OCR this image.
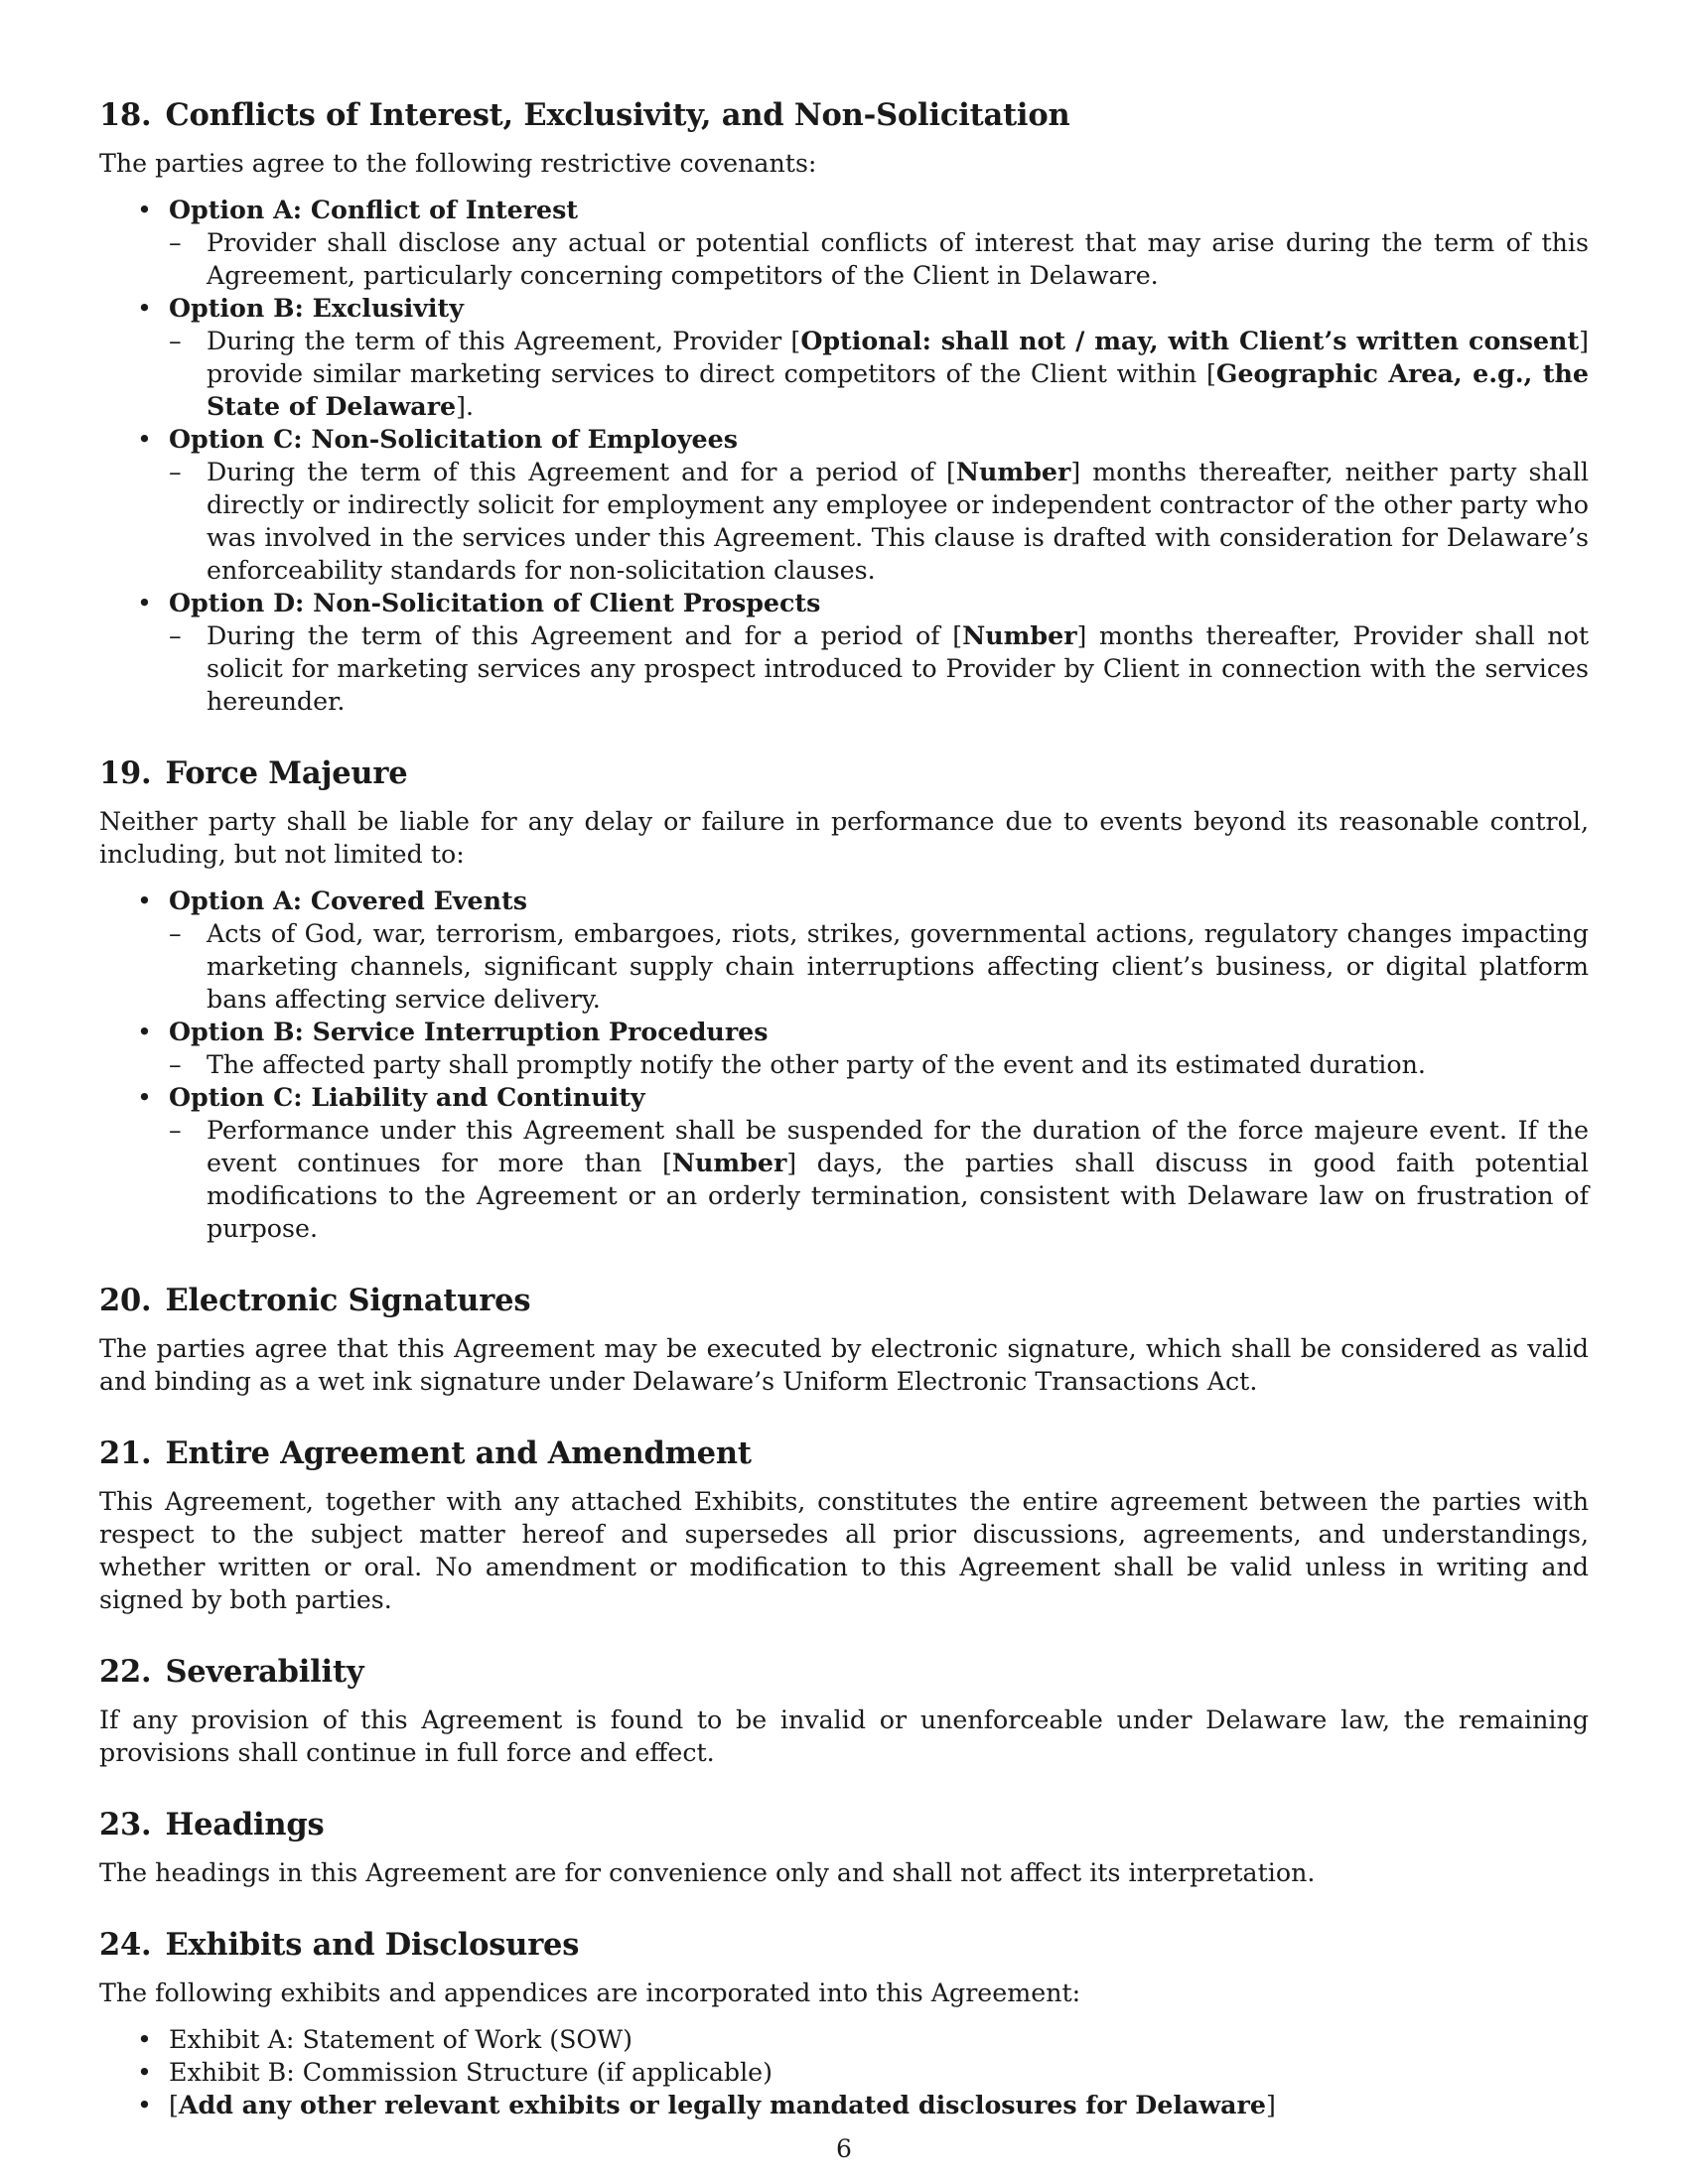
18. Conflicts of Interest, Exclusivity, and Non-Solicitation

The parties agree to the following restrictive covenants:

• Option A: Conflict of Interest
– Provider shall disclose any actual or potential conflicts of interest that may arise during the term of this Agreement, particularly concerning competitors of the Client in Delaware.
• Option B: Exclusivity
– During the term of this Agreement, Provider [Optional: shall not / may, with Client’s written consent] provide similar marketing services to direct competitors of the Client within [Geographic Area, e.g., the State of Delaware].
• Option C: Non-Solicitation of Employees
– During the term of this Agreement and for a period of [Number] months thereafter, neither party shall directly or indirectly solicit for employment any employee or independent contractor of the other party who was involved in the services under this Agreement. This clause is drafted with consideration for Delaware’s enforceability standards for non-solicitation clauses.
• Option D: Non-Solicitation of Client Prospects
– During the term of this Agreement and for a period of [Number] months thereafter, Provider shall not solicit for marketing services any prospect introduced to Provider by Client in connection with the services hereunder.
19. Force Majeure

Neither party shall be liable for any delay or failure in performance due to events beyond its reasonable control, including, but not limited to:

• Option A: Covered Events
– Acts of God, war, terrorism, embargoes, riots, strikes, governmental actions, regulatory changes impacting marketing channels, significant supply chain interruptions affecting client’s business, or digital platform bans affecting service delivery.
• Option B: Service Interruption Procedures
– The affected party shall promptly notify the other party of the event and its estimated duration.
• Option C: Liability and Continuity
– Performance under this Agreement shall be suspended for the duration of the force majeure event. If the event continues for more than [Number] days, the parties shall discuss in good faith potential modifications to the Agreement or an orderly termination, consistent with Delaware law on frustration of purpose.
20. Electronic Signatures

The parties agree that this Agreement may be executed by electronic signature, which shall be considered as valid and binding as a wet ink signature under Delaware’s Uniform Electronic Transactions Act.

21. Entire Agreement and Amendment

This Agreement, together with any attached Exhibits, constitutes the entire agreement between the parties with respect to the subject matter hereof and supersedes all prior discussions, agreements, and understandings, whether written or oral. No amendment or modification to this Agreement shall be valid unless in writing and signed by both parties.

22. Severability

If any provision of this Agreement is found to be invalid or unenforceable under Delaware law, the remaining provisions shall continue in full force and effect.

23. Headings

The headings in this Agreement are for convenience only and shall not affect its interpretation.

24. Exhibits and Disclosures

The following exhibits and appendices are incorporated into this Agreement:

• Exhibit A: Statement of Work (SOW)
• Exhibit B: Commission Structure (if applicable)
• [Add any other relevant exhibits or legally mandated disclosures for Delaware]
6
